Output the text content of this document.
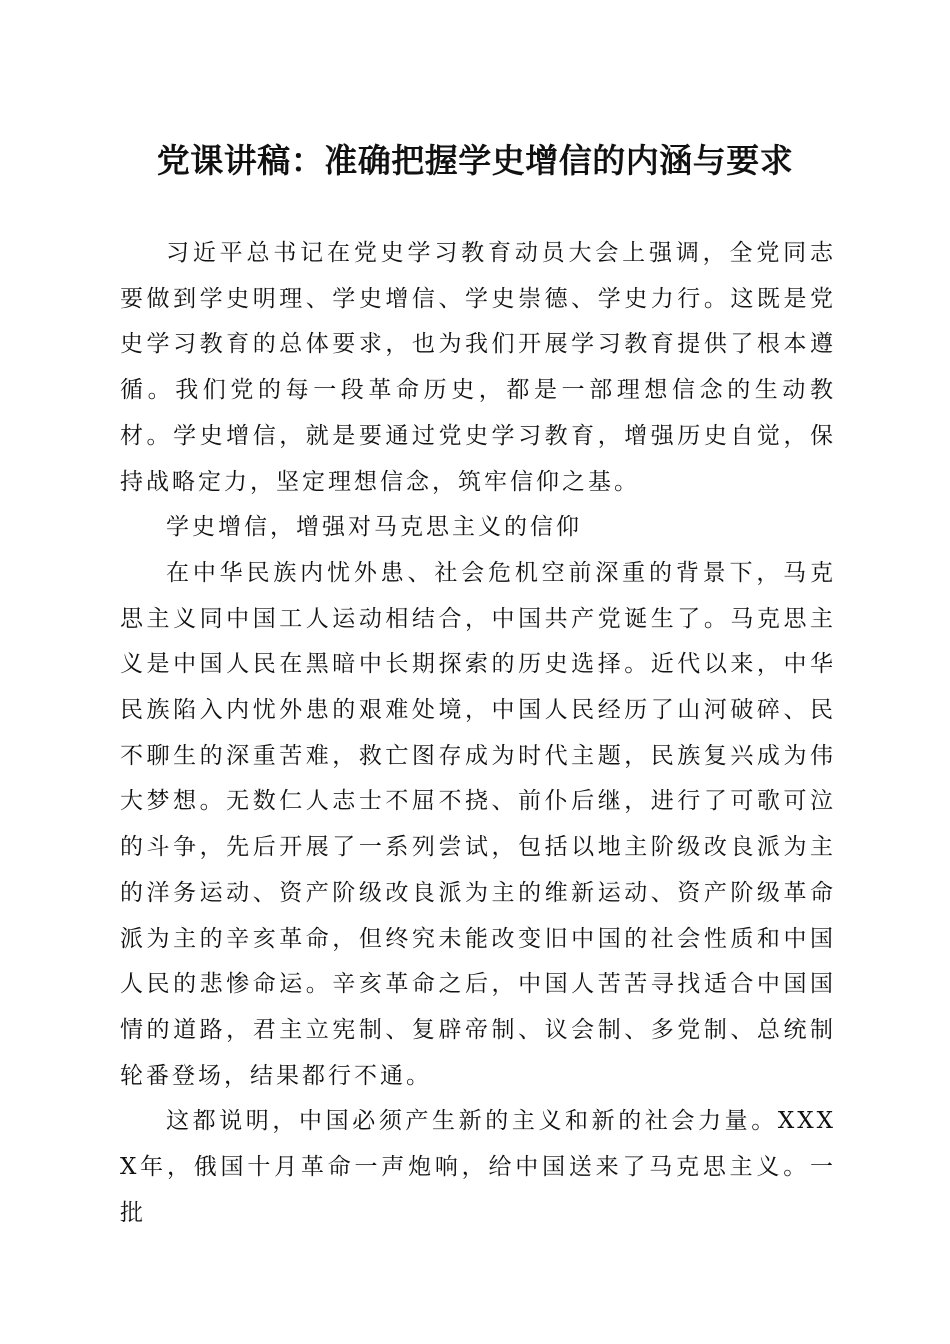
党课讲稿：准确把握学史增信的内涵与要求

习近平总书记在党史学习教育动员大会上强调，全党同志要做到学史明理、学史增信、学史崇德、学史力行。这既是党史学习教育的总体要求，也为我们开展学习教育提供了根本遵循。我们党的每一段革命历史，都是一部理想信念的生动教材。学史增信，就是要通过党史学习教育，增强历史自觉，保持战略定力，坚定理想信念，筑牢信仰之基。

学史增信，增强对马克思主义的信仰

在中华民族内忧外患、社会危机空前深重的背景下，马克思主义同中国工人运动相结合，中国共产党诞生了。马克思主义是中国人民在黑暗中长期探索的历史选择。近代以来，中华民族陷入内忧外患的艰难处境，中国人民经历了山河破碎、民不聊生的深重苦难，救亡图存成为时代主题，民族复兴成为伟大梦想。无数仁人志士不屈不挠、前仆后继，进行了可歌可泣的斗争，先后开展了一系列尝试，包括以地主阶级改良派为主的洋务运动、资产阶级改良派为主的维新运动、资产阶级革命派为主的辛亥革命，但终究未能改变旧中国的社会性质和中国人民的悲惨命运。辛亥革命之后，中国人苦苦寻找适合中国国情的道路，君主立宪制、复辟帝制、议会制、多党制、总统制轮番登场，结果都行不通。

这都说明，中国必须产生新的主义和新的社会力量。XXXX年，俄国十月革命一声炮响，给中国送来了马克思主义。一批
